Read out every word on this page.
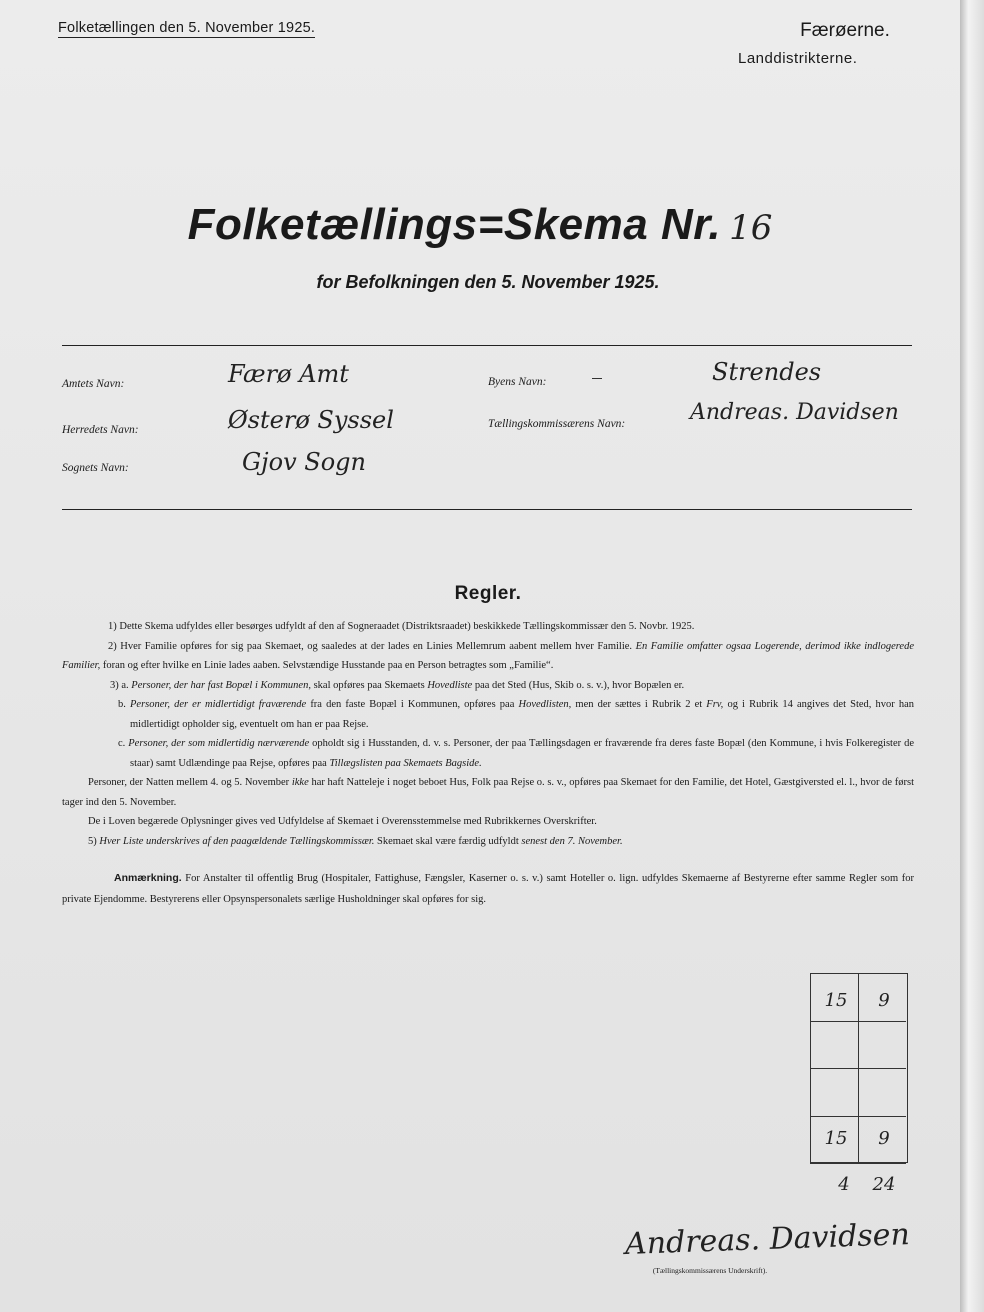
Folketællingen den 5. November 1925.	Færøerne.
Landdistrikterne.
Folketællings=Skema Nr. 16
for Befolkningen den 5. November 1925.
Amtets Navn:	Færø Amt
Herredets Navn:	Østerø Syssel
Sognets Navn:	Gjov Sogn
Byens Navn:	Strendes
Tællingskommissærens Navn:	Andreas. Davidsen
Regler.

1) Dette Skema udfyldes eller besørges udfyldt af den af Sogneraadet (Distriktsraadet) beskikkede Tællingskommissær den 5. Novbr. 1925.

2) Hver Familie opføres for sig paa Skemaet, og saaledes at der lades en Linies Mellemrum aabent mellem hver Familie. En Familie omfatter ogsaa Logerende, derimod ikke indlogerede Familier, foran og efter hvilke en Linie lades aaben. Selvstændige Husstande paa en Person betragtes som „Familie“.

3) a. Personer, der har fast Bopæl i Kommunen, skal opføres paa Skemaets Hovedliste paa det Sted (Hus, Skib o. s. v.), hvor Bopælen er.

b. Personer, der er midlertidigt fraværende fra den faste Bopæl i Kommunen, opføres paa Hovedlisten, men der sættes i Rubrik 2 et Frv, og i Rubrik 14 angives det Sted, hvor han midlertidigt opholder sig, eventuelt om han er paa Rejse.

c. Personer, der som midlertidig nærværende opholdt sig i Husstanden, d. v. s. Personer, der paa Tællingsdagen er fraværende fra deres faste Bopæl (den Kommune, i hvis Folkeregister de staar) samt Udlændinge paa Rejse, opføres paa Tillægslisten paa Skemaets Bagside.

Personer, der Natten mellem 4. og 5. November ikke har haft Natteleje i noget beboet Hus, Folk paa Rejse o. s. v., opføres paa Skemaet for den Familie, det Hotel, Gæstgiversted el. l., hvor de først tager ind den 5. November.

De i Loven begærede Oplysninger gives ved Udfyldelse af Skemaet i Overensstemmelse med Rubrikkernes Overskrifter.

5) Hver Liste underskrives af den paagældende Tællingskommissær. Skemaet skal være færdig udfyldt senest den 7. November.

Anmærkning. For Anstalter til offentlig Brug (Hospitaler, Fattighuse, Fængsler, Kaserner o. s. v.) samt Hoteller o. lign. udfyldes Skemaerne af Bestyrerne efter samme Regler som for private Ejendomme. Bestyrerens eller Opsynspersonalets særlige Husholdninger skal opføres for sig.
15	9
15	9
4	24
Andreas. Davidsen
(Tællingskommissærens Underskrift).
